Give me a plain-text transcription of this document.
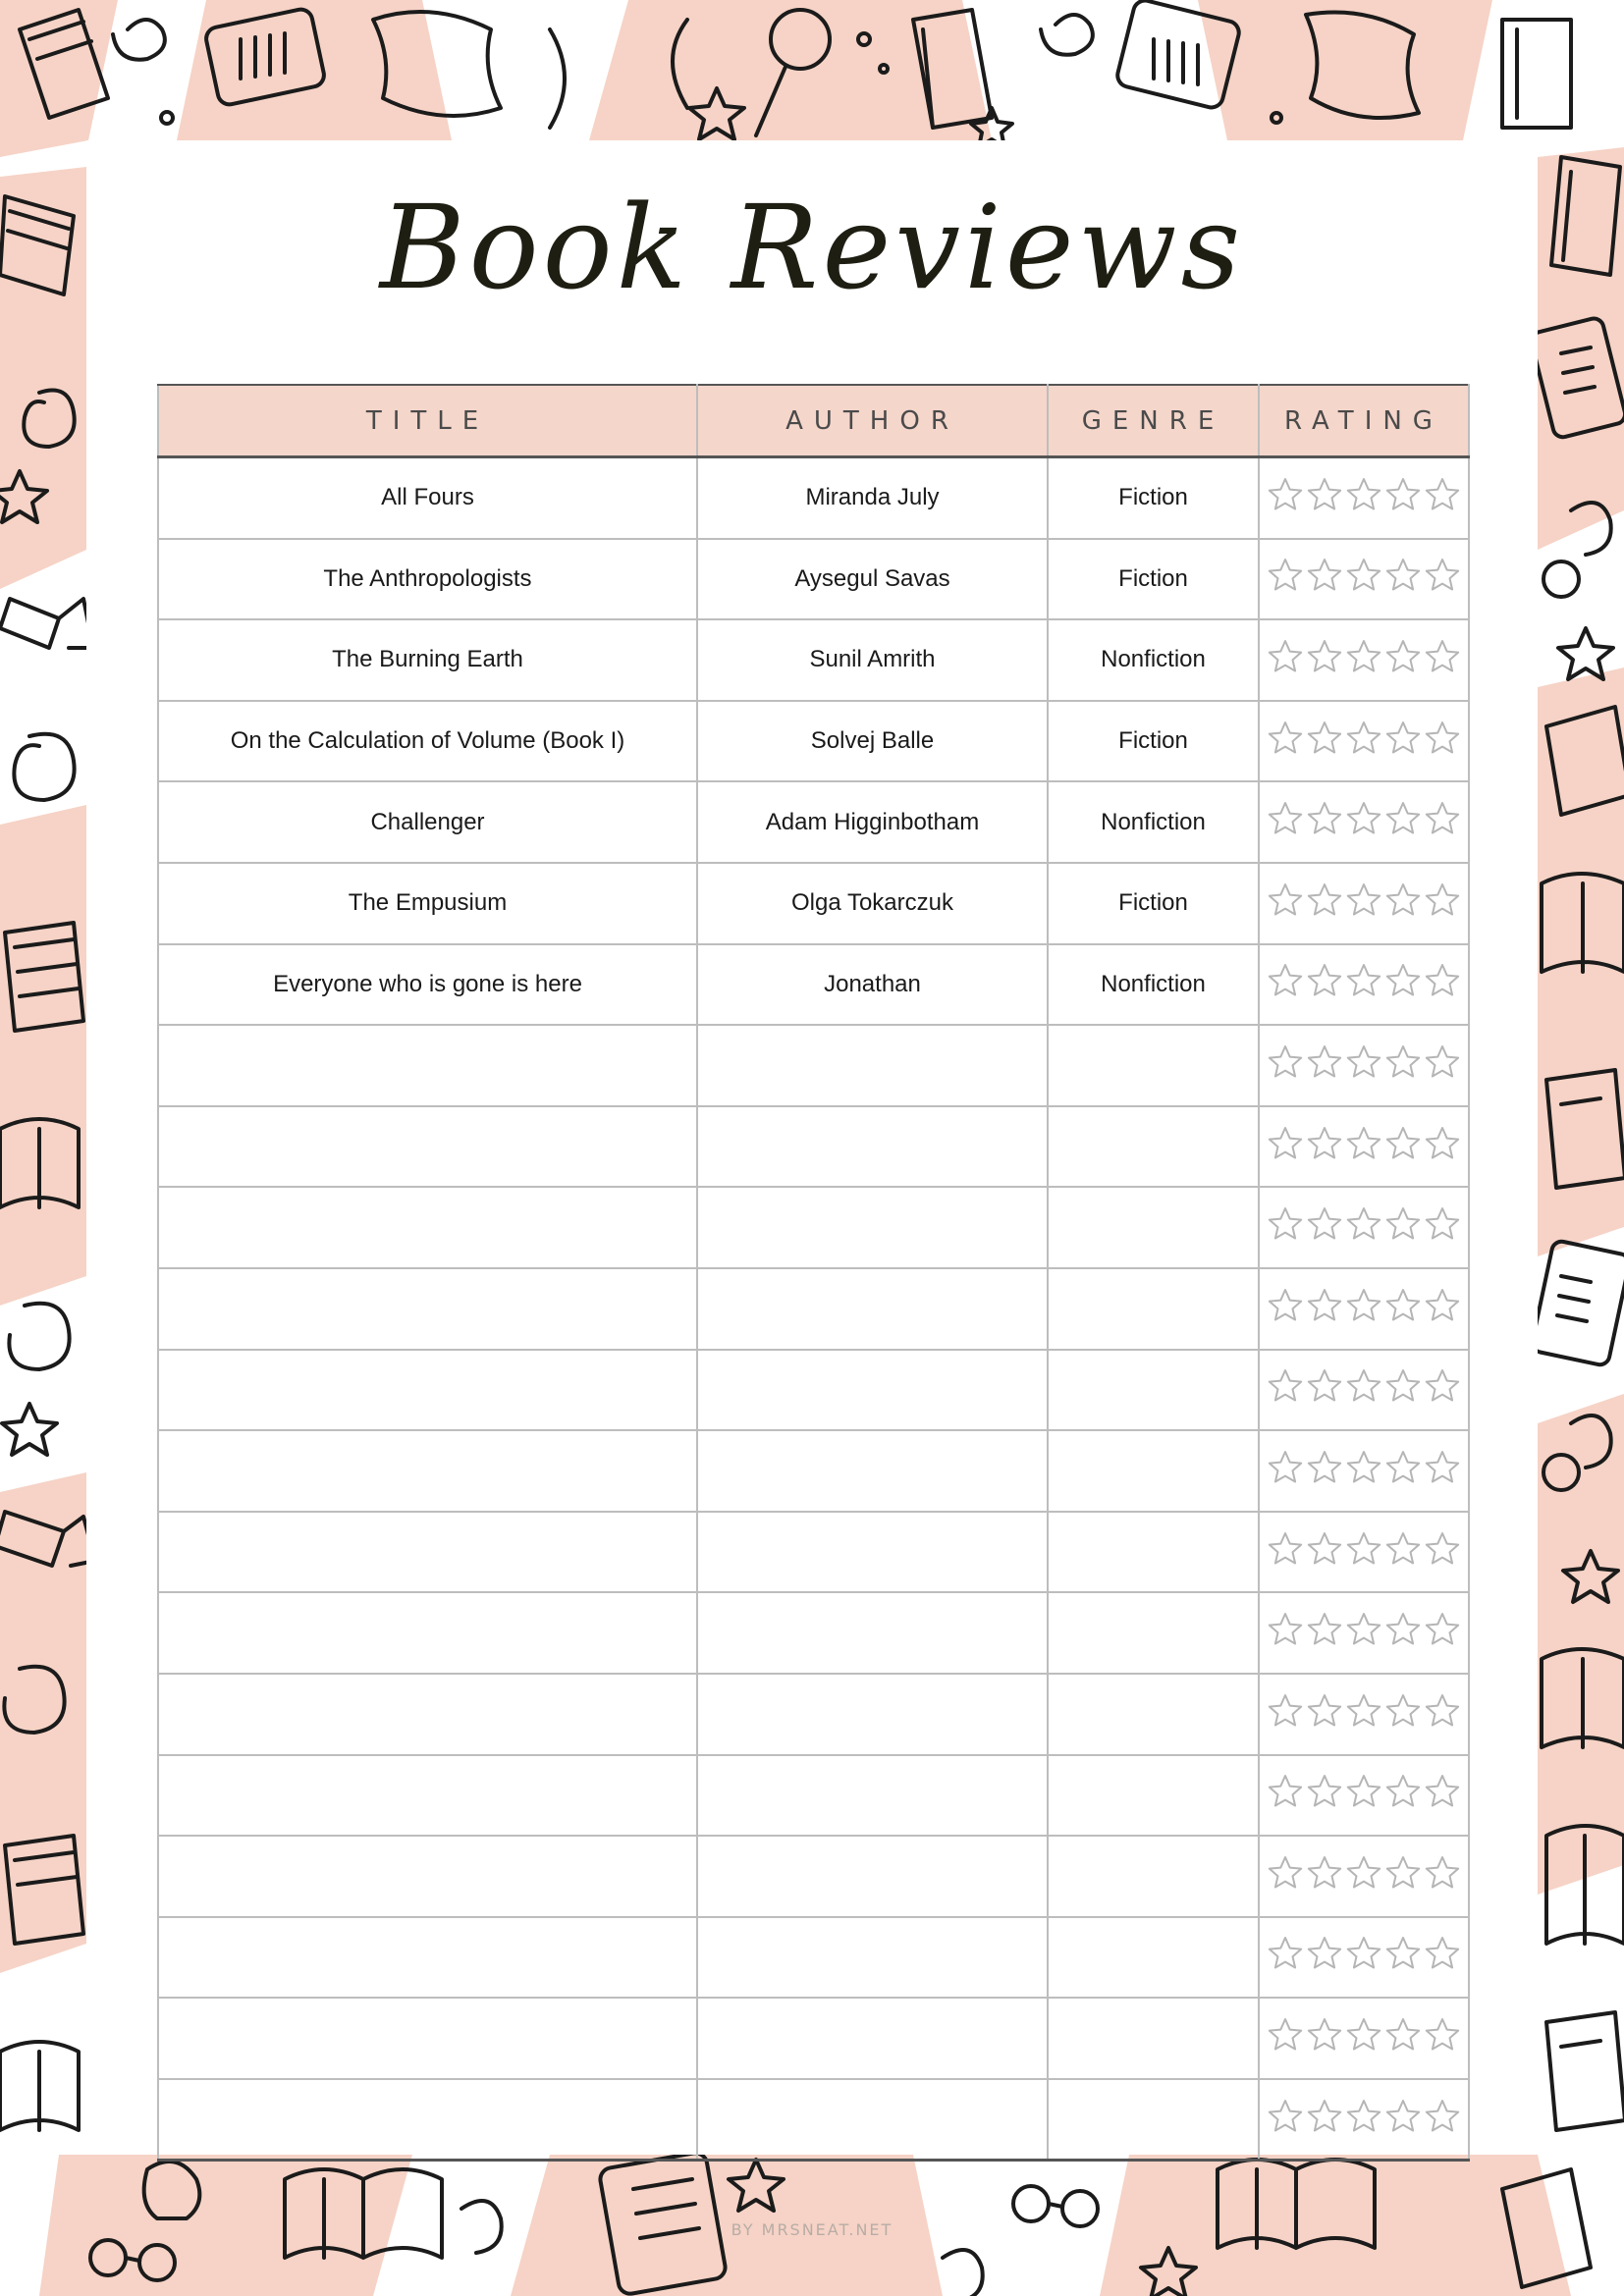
Book Reviews
TITLE	AUTHOR	GENRE	RATING
All Fours	Miranda July	Fiction	

The Anthropologists	Aysegul Savas	Fiction	

The Burning Earth	Sunil Amrith	Nonfiction	

On the Calculation of Volume (Book I)	Solvej Balle	Fiction	

Challenger	Adam Higginbotham	Nonfiction	

The Empusium	Olga Tokarczuk	Fiction	

Everyone who is gone is here	Jonathan	Nonfiction	

BY MRSNEAT.NET
